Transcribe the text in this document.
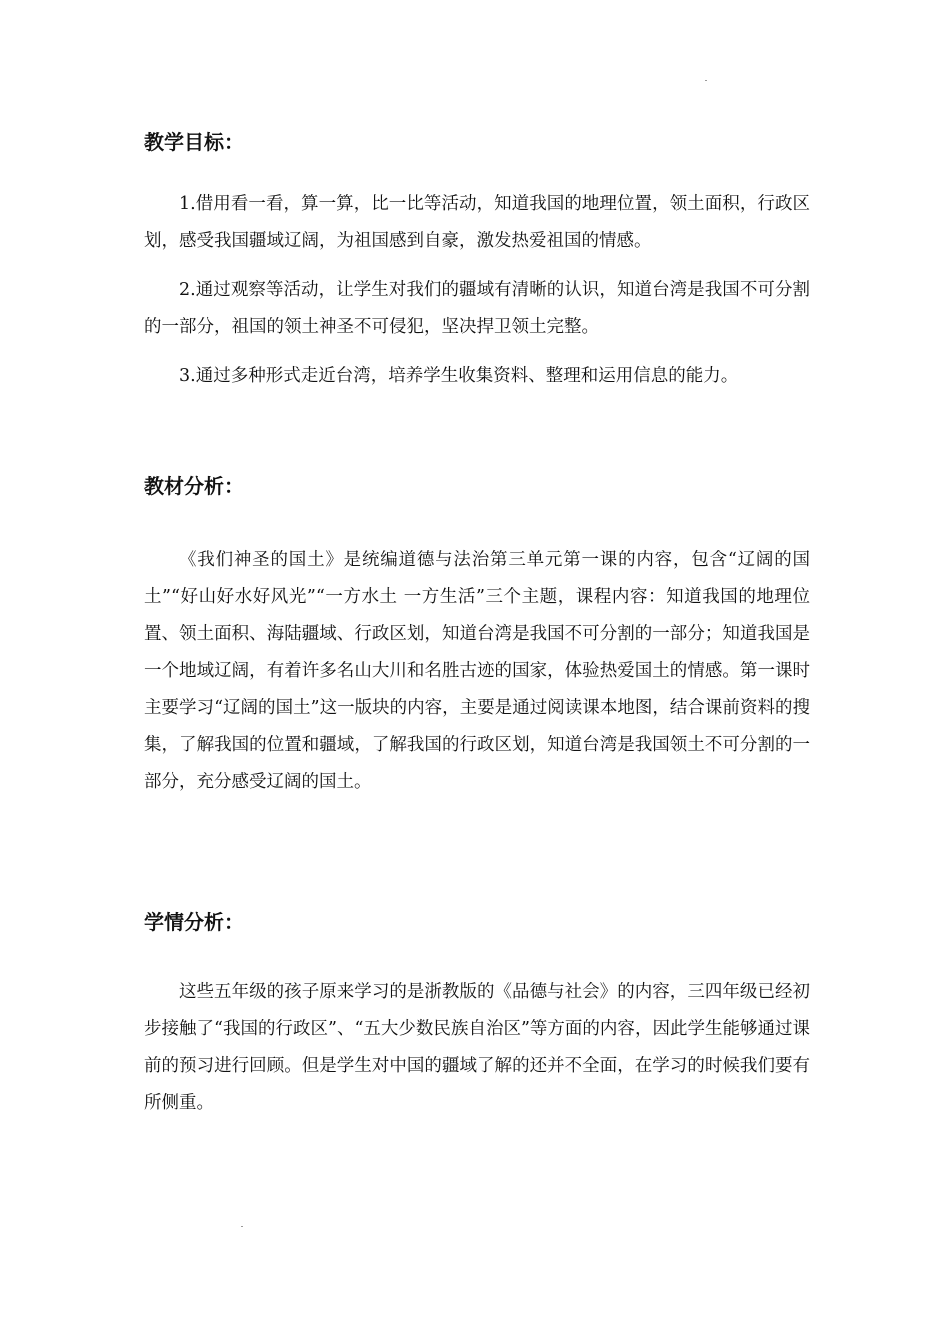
教学目标：

1.借用看一看，算一算，比一比等活动，知道我国的地理位置，领土面积，行政区划，感受我国疆域辽阔，为祖国感到自豪，激发热爱祖国的情感。

2.通过观察等活动，让学生对我们的疆域有清晰的认识，知道台湾是我国不可分割的一部分，祖国的领土神圣不可侵犯，坚决捍卫领土完整。

3.通过多种形式走近台湾，培养学生收集资料、整理和运用信息的能力。

教材分析：

《我们神圣的国土》是统编道德与法治第三单元第一课的内容，包含“辽阔的国土”“好山好水好风光”“一方水土 一方生活”三个主题，课程内容：知道我国的地理位置、领土面积、海陆疆域、行政区划，知道台湾是我国不可分割的一部分；知道我国是一个地域辽阔，有着许多名山大川和名胜古迹的国家，体验热爱国土的情感。第一课时主要学习“辽阔的国土”这一版块的内容，主要是通过阅读课本地图，结合课前资料的搜集，了解我国的位置和疆域，了解我国的行政区划，知道台湾是我国领土不可分割的一部分，充分感受辽阔的国土。

学情分析：

这些五年级的孩子原来学习的是浙教版的《品德与社会》的内容，三四年级已经初步接触了“我国的行政区”、“五大少数民族自治区”等方面的内容，因此学生能够通过课前的预习进行回顾。但是学生对中国的疆域了解的还并不全面，在学习的时候我们要有所侧重。
